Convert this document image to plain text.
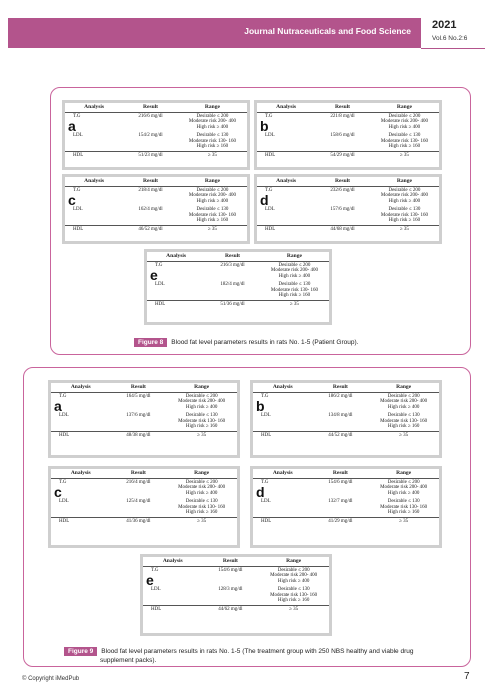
Journal Nutraceuticals and Food Science 2021
Vol.6 No.2:6
Figure 8 Blood fat level parameters results in rats No. 1-5 (Patient Group).
Figure 9 Blood fat level parameters results in rats No. 1-5 (The treatment group with 250 NBS healthy and viable drug
supplement packs).
© Copyright iMedPub	7
Analysis	Result	Range
T.G	216/6 mg/dl	Desirable ≤ 200
Moderate risk 200- 400
High risk ≥ 400
LDL	154/2 mg/dl	Desirable ≤ 130
Moderate risk 130- 160
High risk ≥ 160
HDL	51/23 mg/dl	≥ 35
a
Analysis	Result	Range
T.G	221/8 mg/dl	Desirable ≤ 200
Moderate risk 200- 400
High risk ≥ 400
LDL	158/6 mg/dl	Desirable ≤ 130
Moderate risk 130- 160
High risk ≥ 160
HDL	54/29 mg/dl	≥ 35
b
Analysis	Result	Range
T.G	218/4 mg/dl	Desirable ≤ 200
Moderate risk 200- 400
High risk ≥ 400
LDL	162/4 mg/dl	Desirable ≤ 130
Moderate risk 130- 160
High risk ≥ 160
HDL	46/52 mg/dl	≥ 35
c
Analysis	Result	Range
T.G	232/6 mg/dl	Desirable ≤ 200
Moderate risk 200- 400
High risk ≥ 400
LDL	157/6 mg/dl	Desirable ≤ 130
Moderate risk 130- 160
High risk ≥ 160
HDL	44/68 mg/dl	≥ 35
d
Analysis	Result	Range
T.G	216/3 mg/dl	Desirable ≤ 200
Moderate risk 200- 400
High risk ≥ 400
LDL	182/4 mg/dl	Desirable ≤ 130
Moderate risk 130- 160
High risk ≥ 160
HDL	51/36 mg/dl	≥ 35
e
Analysis	Result	Range
T.G	164/5 mg/dl	Desirable ≤ 200
Moderate risk 200- 400
High risk ≥ 400
LDL	137/6 mg/dl	Desirable ≤ 130
Moderate risk 130- 160
High risk ≥ 160
HDL	48/38 mg/dl	≥ 35
a
Analysis	Result	Range
T.G	186/2 mg/dl	Desirable ≤ 200
Moderate risk 200- 400
High risk ≥ 400
LDL	134/8 mg/dl	Desirable ≤ 130
Moderate risk 130- 160
High risk ≥ 160
HDL	44/52 mg/dl	≥ 35
b
Analysis	Result	Range
T.G	216/4 mg/dl	Desirable ≤ 200
Moderate risk 200- 400
High risk ≥ 400
LDL	125/4 mg/dl	Desirable ≤ 130
Moderate risk 130- 160
High risk ≥ 160
HDL	41/36 mg/dl	≥ 35
c
Analysis	Result	Range
T.G	154/6 mg/dl	Desirable ≤ 200
Moderate risk 200- 400
High risk ≥ 400
LDL	132/7 mg/dl	Desirable ≤ 130
Moderate risk 130- 160
High risk ≥ 160
HDL	41/29 mg/dl	≥ 35
d
Analysis	Result	Range
T.G	154/6 mg/dl	Desirable ≤ 200
Moderate risk 200- 400
High risk ≥ 400
LDL	128/3 mg/dl	Desirable ≤ 130
Moderate risk 130- 160
High risk ≥ 160
HDL	44/62 mg/dl	≥ 35
e
